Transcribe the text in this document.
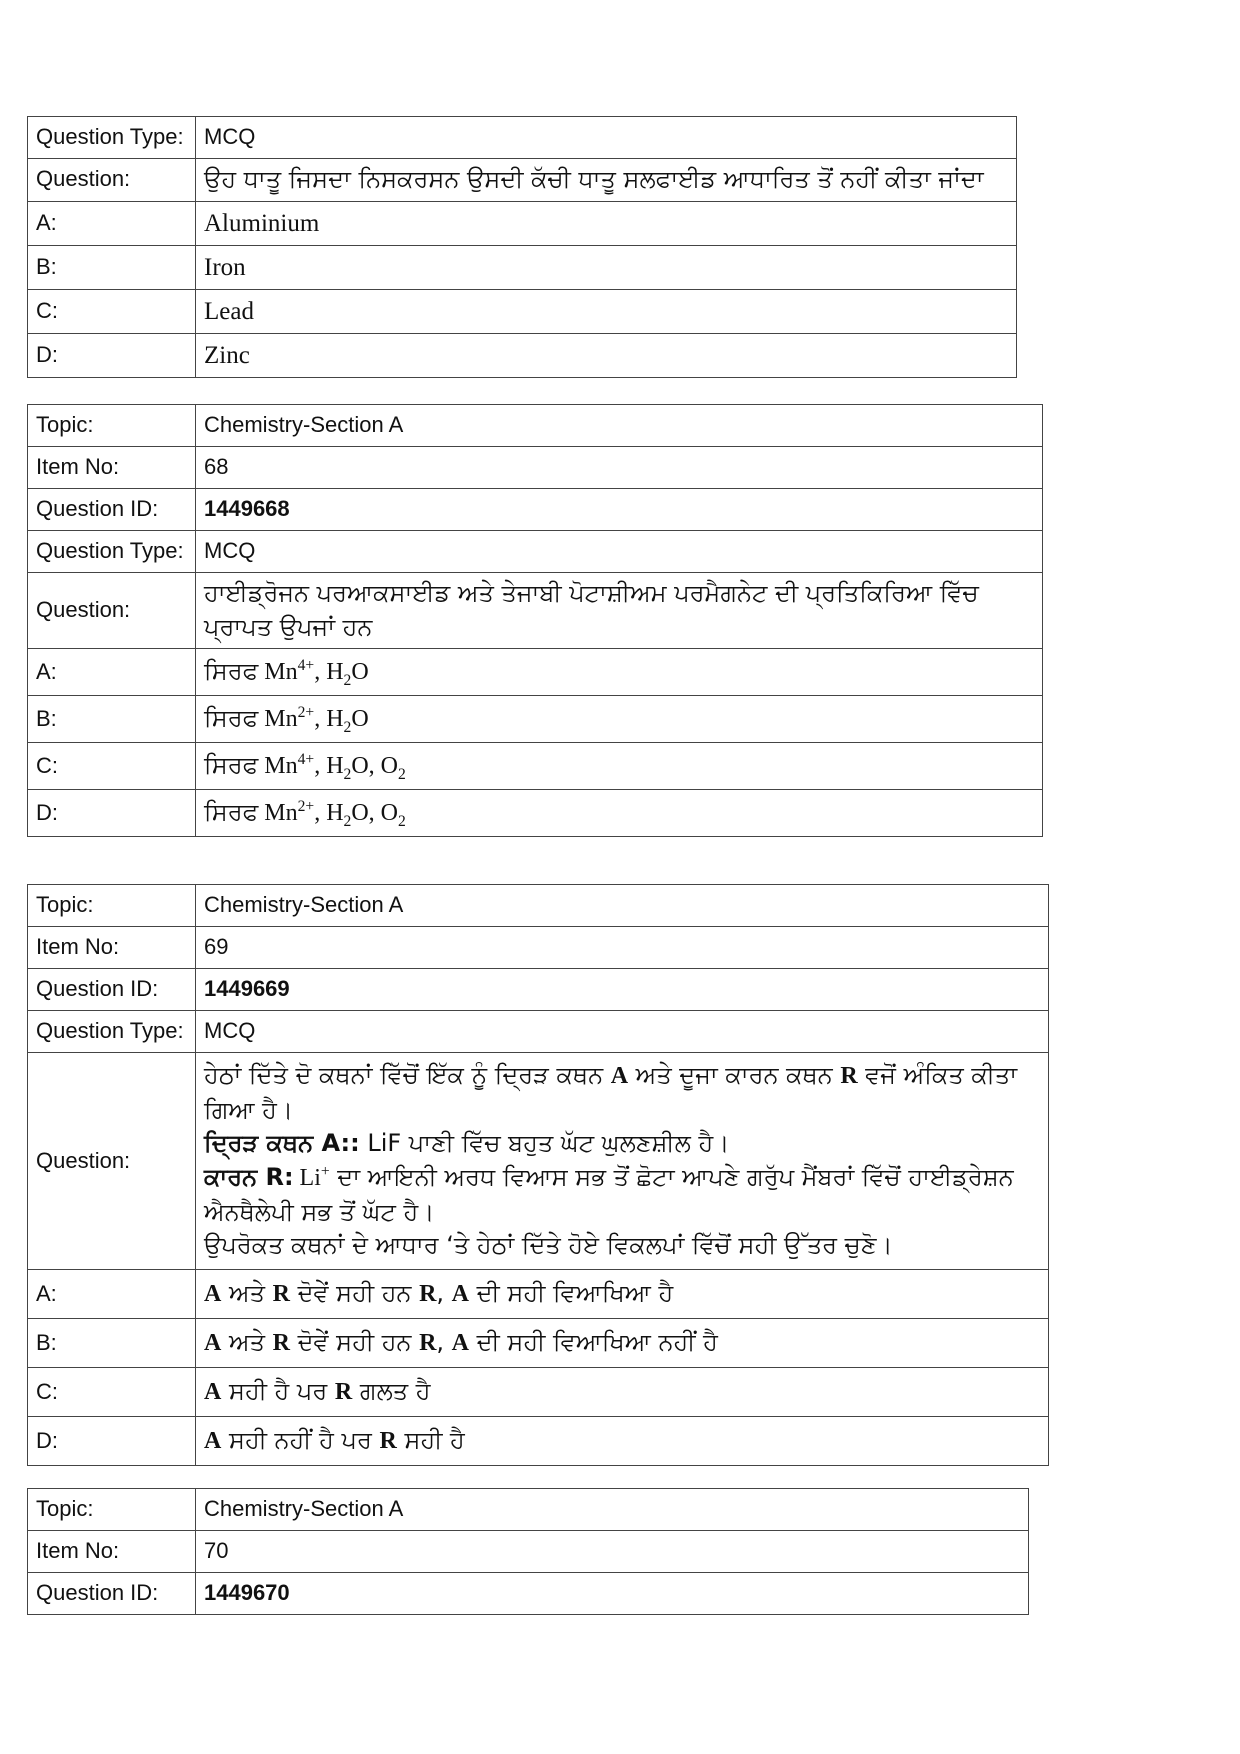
Question Type:	MCQ
Question:	ਉਹ ਧਾਤੂ ਜਿਸਦਾ ਨਿਸਕਰਸਨ ਉਸਦੀ ਕੱਚੀ ਧਾਤੂ ਸਲਫਾਈਡ ਆਧਾਰਿਤ ਤੋਂ ਨਹੀਂ ਕੀਤਾ ਜਾਂਦਾ
A:	Aluminium
B:	Iron
C:	Lead
D:	Zinc
Topic:	Chemistry-Section A
Item No:	68
Question ID:	1449668
Question Type:	MCQ
Question:	ਹਾਈਡ੍ਰੋਜਨ ਪਰਆਕਸਾਈਡ ਅਤੇ ਤੇਜਾਬੀ ਪੋਟਾਸ਼ੀਅਮ ਪਰਮੈਗਨੇਟ ਦੀ ਪ੍ਰਤਿਕਿਰਿਆ ਵਿੱਚ ਪ੍ਰਾਪਤ ਉਪਜਾਂ ਹਨ
A:	ਸਿਰਫ $Mn^{4+}$, $H_2O$
B:	ਸਿਰਫ $Mn^{2+}$, $H_2O$
C:	ਸਿਰਫ $Mn^{4+}$, $H_2O$, $O_2$
D:	ਸਿਰਫ $Mn^{2+}$, $H_2O$, $O_2$
Topic:	Chemistry-Section A
Item No:	69
Question ID:	1449669
Question Type:	MCQ
Question:	ਹੇਠਾਂ ਦਿੱਤੇ ਦੋ ਕਥਨਾਂ ਵਿੱਚੋਂ ਇੱਕ ਨੂੰ ਦ੍ਰਿੜ ਕਥਨ A ਅਤੇ ਦੂਜਾ ਕਾਰਨ ਕਥਨ R ਵਜੋਂ ਅੰਕਿਤ ਕੀਤਾ ਗਿਆ ਹੈ।
ਦ੍ਰਿੜ ਕਥਨ A:: LiF ਪਾਣੀ ਵਿੱਚ ਬਹੁਤ ਘੱਟ ਘੁਲਣਸ਼ੀਲ ਹੈ।
ਕਾਰਨ R: Li+ ਦਾ ਆਇਨੀ ਅਰਧ ਵਿਆਸ ਸਭ ਤੋਂ ਛੋਟਾ ਆਪਣੇ ਗਰੁੱਪ ਮੈਂਬਰਾਂ ਵਿੱਚੋਂ ਹਾਈਡ੍ਰੇਸ਼ਨ ਐਨਥੈਲੇਪੀ ਸਭ ਤੋਂ ਘੱਟ ਹੈ।
ਉਪਰੋਕਤ ਕਥਨਾਂ ਦੇ ਆਧਾਰ ‘ਤੇ ਹੇਠਾਂ ਦਿੱਤੇ ਹੋਏ ਵਿਕਲਪਾਂ ਵਿੱਚੋਂ ਸਹੀ ਉੱਤਰ ਚੁਣੋ।

A:	A ਅਤੇ R ਦੋਵੇਂ ਸਹੀ ਹਨ R, A ਦੀ ਸਹੀ ਵਿਆਖਿਆ ਹੈ
B:	A ਅਤੇ R ਦੋਵੇਂ ਸਹੀ ਹਨ R, A ਦੀ ਸਹੀ ਵਿਆਖਿਆ ਨਹੀਂ ਹੈ
C:	A ਸਹੀ ਹੈ ਪਰ R ਗਲਤ ਹੈ
D:	A ਸਹੀ ਨਹੀਂ ਹੈ ਪਰ R ਸਹੀ ਹੈ
Topic:	Chemistry-Section A
Item No:	70
Question ID:	1449670
